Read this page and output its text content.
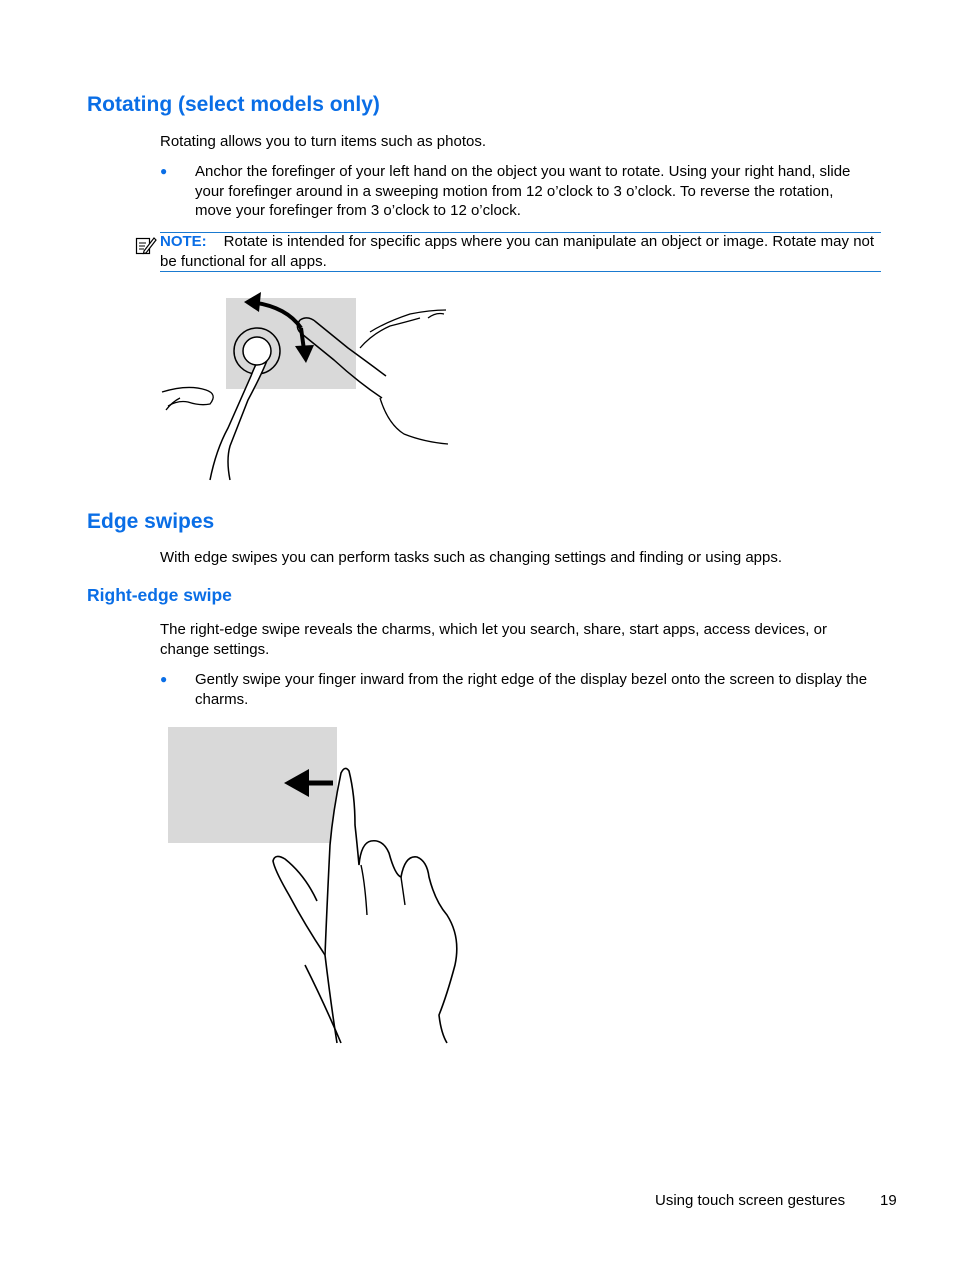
Rotating (select models only)
Rotating allows you to turn items such as photos.
● Anchor the forefinger of your left hand on the object you want to rotate. Using your right hand, slide your forefinger around in a sweeping motion from 12 o’clock to 3 o’clock. To reverse the rotation, move your forefinger from 3 o’clock to 12 o’clock.
NOTE: Rotate is intended for specific apps where you can manipulate an object or image. Rotate may not be functional for all apps.
Edge swipes
With edge swipes you can perform tasks such as changing settings and finding or using apps.
Right-edge swipe
The right-edge swipe reveals the charms, which let you search, share, start apps, access devices, or change settings.
● Gently swipe your finger inward from the right edge of the display bezel onto the screen to display the charms.
Using touch screen gestures 19
